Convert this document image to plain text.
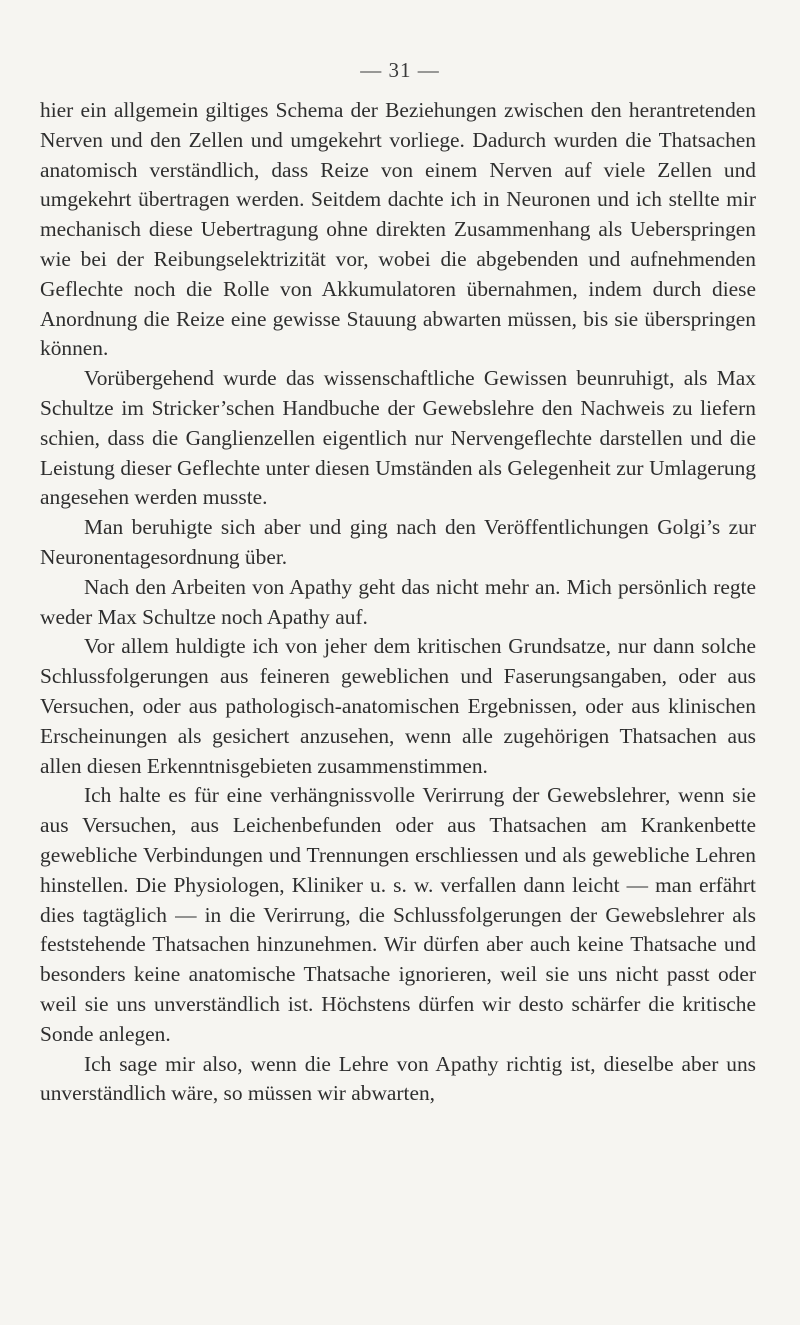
— 31 —

hier ein allgemein giltiges Schema der Beziehungen zwischen den herantretenden Nerven und den Zellen und umgekehrt vorliege. Dadurch wurden die Thatsachen anatomisch verständlich, dass Reize von einem Nerven auf viele Zellen und umgekehrt übertragen werden. Seitdem dachte ich in Neuronen und ich stellte mir mechanisch diese Uebertragung ohne direkten Zusammenhang als Ueberspringen wie bei der Reibungselektrizität vor, wobei die abgebenden und aufnehmenden Geflechte noch die Rolle von Akkumulatoren übernahmen, indem durch diese Anordnung die Reize eine gewisse Stauung abwarten müssen, bis sie überspringen können.

Vorübergehend wurde das wissenschaftliche Gewissen beunruhigt, als Max Schultze im Stricker’schen Handbuche der Gewebslehre den Nachweis zu liefern schien, dass die Ganglienzellen eigentlich nur Nervengeflechte darstellen und die Leistung dieser Geflechte unter diesen Umständen als Gelegenheit zur Umlagerung angesehen werden musste.

Man beruhigte sich aber und ging nach den Veröffentlichungen Golgi’s zur Neuronentagesordnung über.

Nach den Arbeiten von Apathy geht das nicht mehr an. Mich persönlich regte weder Max Schultze noch Apathy auf.

Vor allem huldigte ich von jeher dem kritischen Grundsatze, nur dann solche Schlussfolgerungen aus feineren geweblichen und Faserungsangaben, oder aus Versuchen, oder aus pathologisch-anatomischen Ergebnissen, oder aus klinischen Erscheinungen als gesichert anzusehen, wenn alle zugehörigen Thatsachen aus allen diesen Erkenntnisgebieten zusammenstimmen.

Ich halte es für eine verhängnissvolle Verirrung der Gewebslehrer, wenn sie aus Versuchen, aus Leichenbefunden oder aus Thatsachen am Krankenbette gewebliche Verbindungen und Trennungen erschliessen und als gewebliche Lehren hinstellen. Die Physiologen, Kliniker u. s. w. verfallen dann leicht — man erfährt dies tagtäglich — in die Verirrung, die Schlussfolgerungen der Gewebslehrer als feststehende Thatsachen hinzunehmen. Wir dürfen aber auch keine Thatsache und besonders keine anatomische Thatsache ignorieren, weil sie uns nicht passt oder weil sie uns unverständlich ist. Höchstens dürfen wir desto schärfer die kritische Sonde anlegen.

Ich sage mir also, wenn die Lehre von Apathy richtig ist, dieselbe aber uns unverständlich wäre, so müssen wir abwarten,
